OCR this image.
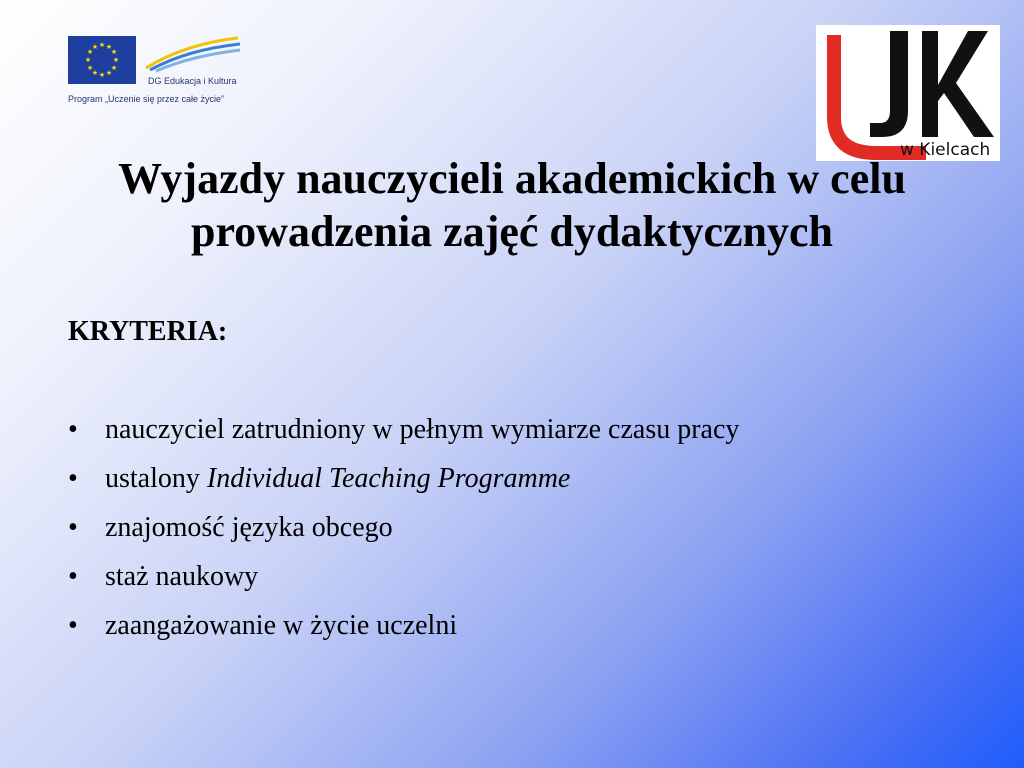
★ ★
★
★
★
★
★
★
★
★
★
★
DG Edukacja i Kultura
Program „Uczenie się przez całe życie”
w Kielcach
Wyjazdy nauczycieli akademickich w celu prowadzenia zajęć dydaktycznych

KRYTERIA:

• nauczyciel zatrudniony w pełnym wymiarze czasu pracy
• ustalony Individual Teaching Programme
• znajomość języka obcego
• staż naukowy
• zaangażowanie w życie uczelni
